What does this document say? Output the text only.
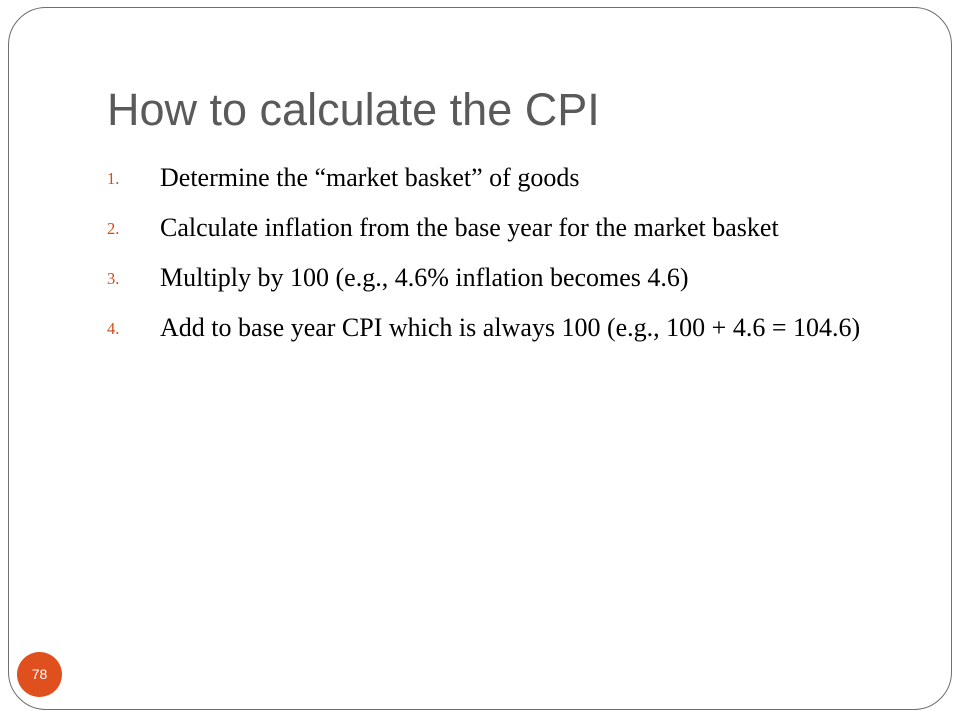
How to calculate the CPI
1. Determine the “market basket” of goods
2. Calculate inflation from the base year for the market basket
3. Multiply by 100 (e.g., 4.6% inflation becomes 4.6)
4. Add to base year CPI which is always 100 (e.g., 100 + 4.6 = 104.6)
78
